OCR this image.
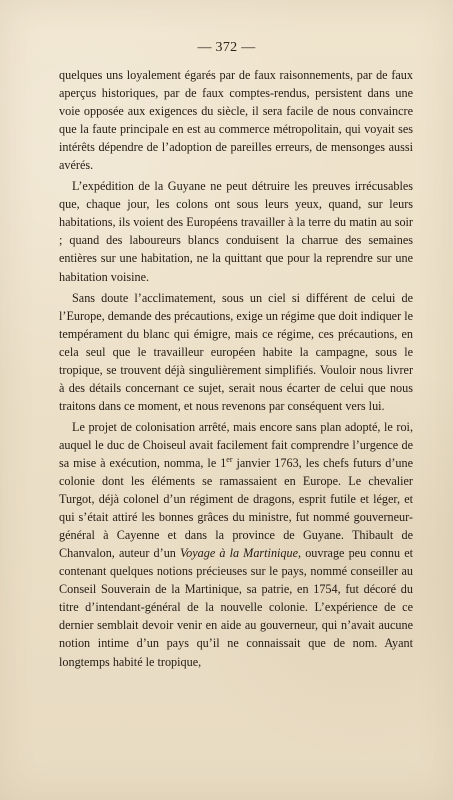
— 372 —

quelques uns loyalement égarés par de faux raisonnements, par de faux aperçus historiques, par de faux comptes-rendus, persistent dans une voie opposée aux exigences du siècle, il sera facile de nous convaincre que la faute principale en est au commerce métropolitain, qui voyait ses intérêts dépendre de l’adoption de pareilles erreurs, de mensonges aussi avérés.

L’expédition de la Guyane ne peut détruire les preuves irrécusables que, chaque jour, les colons ont sous leurs yeux, quand, sur leurs habitations, ils voient des Européens travailler à la terre du matin au soir ; quand des laboureurs blancs conduisent la charrue des semaines entières sur une habitation, ne la quittant que pour la reprendre sur une habitation voisine.

Sans doute l’acclimatement, sous un ciel si différent de celui de l’Europe, demande des précautions, exige un régime que doit indiquer le tempérament du blanc qui émigre, mais ce régime, ces précautions, en cela seul que le travailleur européen habite la campagne, sous le tropique, se trouvent déjà singulièrement simplifiés. Vouloir nous livrer à des détails concernant ce sujet, serait nous écarter de celui que nous traitons dans ce moment, et nous revenons par conséquent vers lui.

Le projet de colonisation arrêté, mais encore sans plan adopté, le roi, auquel le duc de Choiseul avait facilement fait comprendre l’urgence de sa mise à exécution, nomma, le 1er janvier 1763, les chefs futurs d’une colonie dont les éléments se ramassaient en Europe. Le chevalier Turgot, déjà colonel d’un régiment de dragons, esprit futile et léger, et qui s’était attiré les bonnes grâces du ministre, fut nommé gouverneur-général à Cayenne et dans la province de Guyane. Thibault de Chanvalon, auteur d’un Voyage à la Martinique, ouvrage peu connu et contenant quelques notions précieuses sur le pays, nommé conseiller au Conseil Souverain de la Martinique, sa patrie, en 1754, fut décoré du titre d’intendant-général de la nouvelle colonie. L’expérience de ce dernier semblait devoir venir en aide au gouverneur, qui n’avait aucune notion intime d’un pays qu’il ne connaissait que de nom. Ayant longtemps habité le tropique,
